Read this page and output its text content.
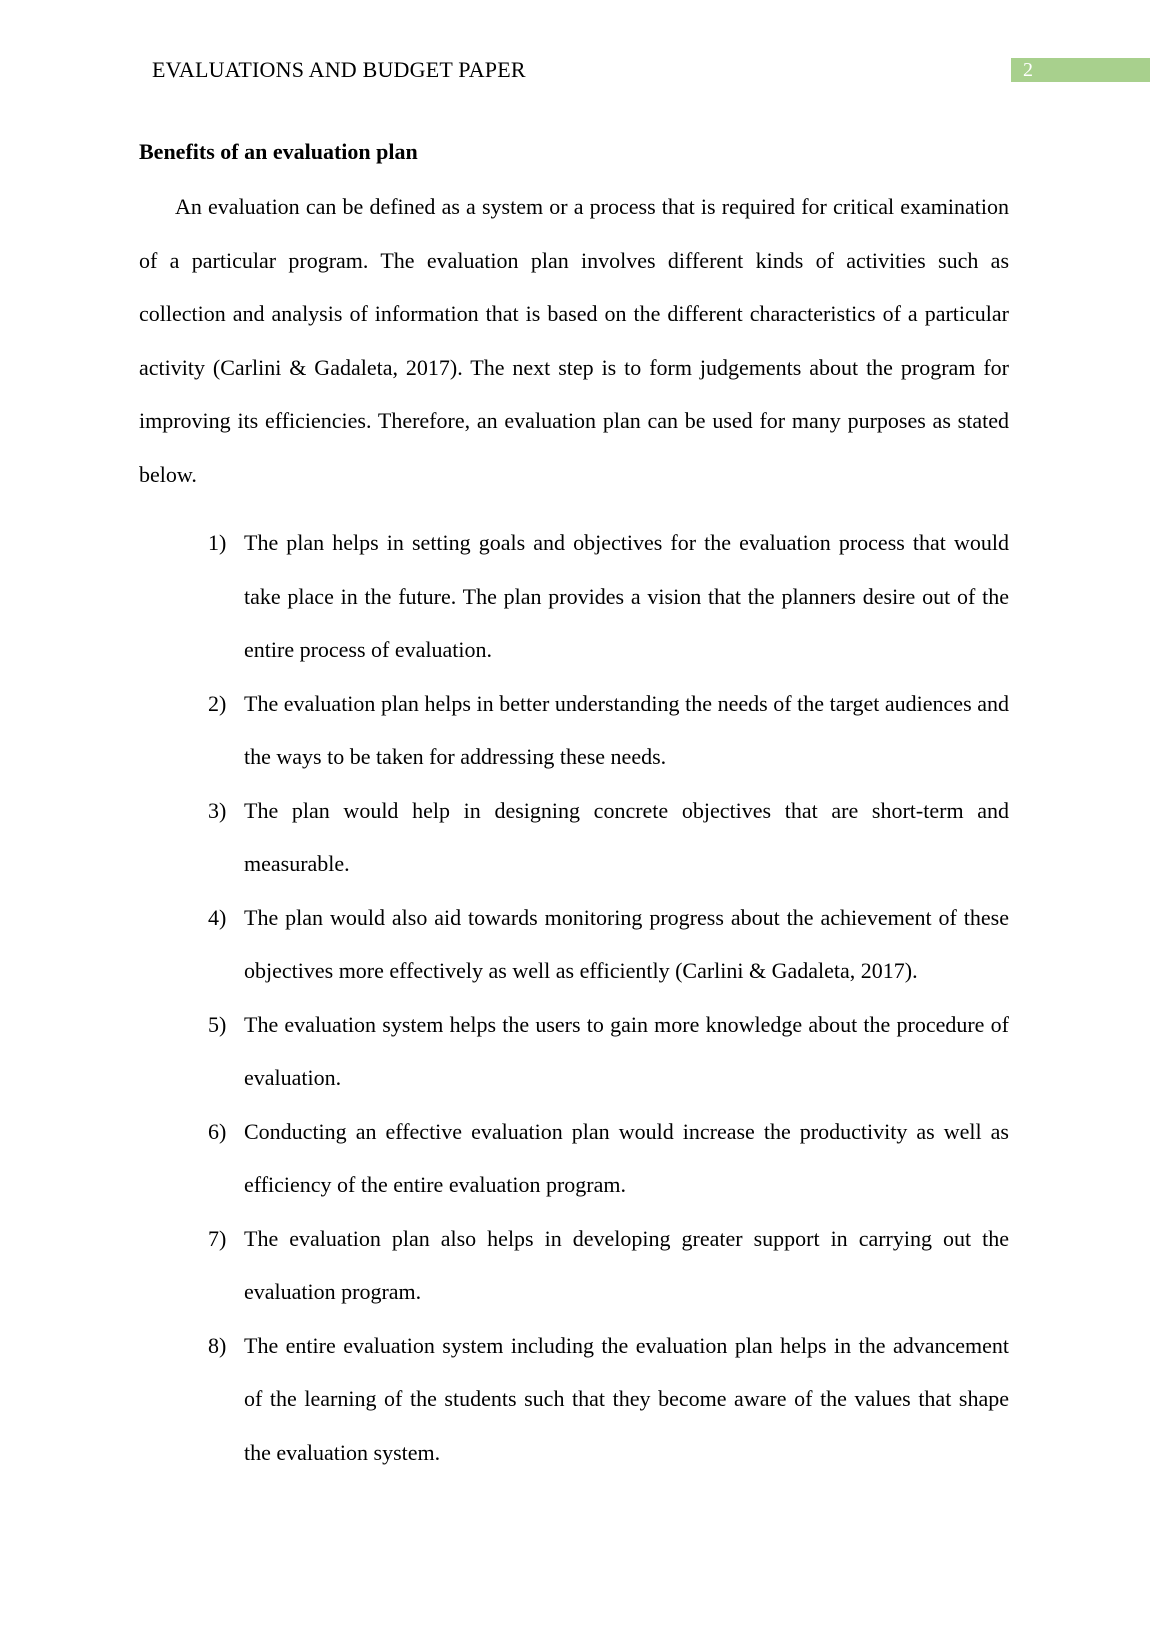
EVALUATIONS AND BUDGET PAPER	2
Benefits of an evaluation plan

An evaluation can be defined as a system or a process that is required for critical examination of a particular program. The evaluation plan involves different kinds of activities such as collection and analysis of information that is based on the different characteristics of a particular activity (Carlini & Gadaleta, 2017). The next step is to form judgements about the program for improving its efficiencies. Therefore, an evaluation plan can be used for many purposes as stated below.

1) The plan helps in setting goals and objectives for the evaluation process that would take place in the future. The plan provides a vision that the planners desire out of the entire process of evaluation.
2) The evaluation plan helps in better understanding the needs of the target audiences and the ways to be taken for addressing these needs.
3) The plan would help in designing concrete objectives that are short-term and measurable.
4) The plan would also aid towards monitoring progress about the achievement of these objectives more effectively as well as efficiently (Carlini & Gadaleta, 2017).
5) The evaluation system helps the users to gain more knowledge about the procedure of evaluation.
6) Conducting an effective evaluation plan would increase the productivity as well as efficiency of the entire evaluation program.
7) The evaluation plan also helps in developing greater support in carrying out the evaluation program.
8) The entire evaluation system including the evaluation plan helps in the advancement of the learning of the students such that they become aware of the values that shape the evaluation system.
